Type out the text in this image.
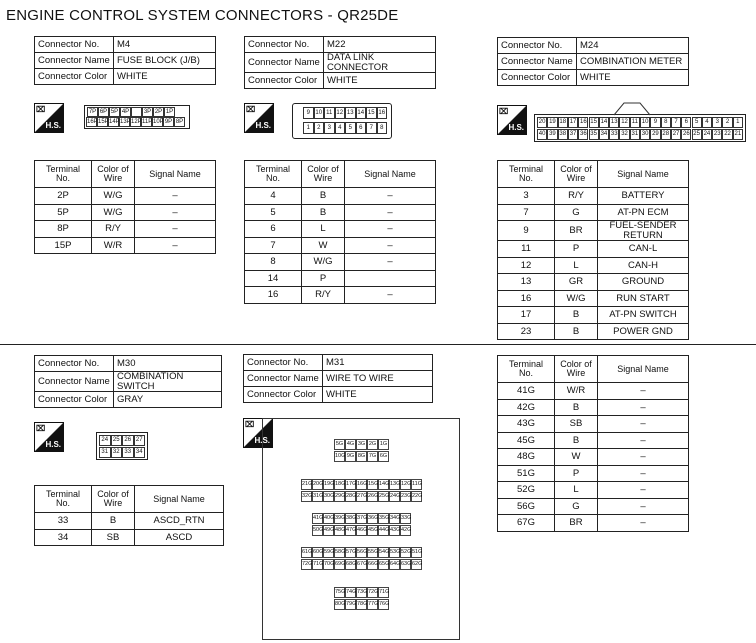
ENGINE CONTROL SYSTEM CONNECTORS - QR25DE
Connector No.	M4
Connector Name	FUSE BLOCK (J/B)
Connector Color	WHITE
⌧
H.S.
7P 6P 5P 4P	3P 2P 1P
16P 15P 14P 13P 12P 11P 10P 9P 8P
Terminal No.	Color of Wire	Signal Name
2P	W/G	–
5P	W/G	–
8P	R/Y	–
15P	W/R	–
Connector No.	M22
Connector Name	DATA LINK CONNECTOR
Connector Color	WHITE
⌧
H.S.
9 10 11 12 13 14 15 16
1	2	3	4	5	6	7	8
Terminal No.	Color of Wire	Signal Name
4	B	–
5	B	–
6	L	–
7	W	–
8	W/G	–
14	P	
16	R/Y	–
Connector No.	M24
Connector Name	COMBINATION METER
Connector Color	WHITE
⌧
H.S.
20 19 18 17 16 15 14 13 12 11 10 9	8	7	6	5	4	3	2	1
40 39 38 37 36 35 34 33 32 31 30 29 28 27 26 25 24 23 22 21
Terminal No.	Color of Wire	Signal Name
3	R/Y	BATTERY
7	G	AT-PN ECM
9	BR	FUEL-SENDER RETURN
11	P	CAN-L
12	L	CAN-H
13	GR	GROUND
16	W/G	RUN START
17	B	AT-PN SWITCH
23	B	POWER GND
Connector No.	M30
Connector Name	COMBINATION SWITCH
Connector Color	GRAY
⌧
H.S.	24 25 26 27
31 32 33 34
Terminal No.	Color of Wire	Signal Name
33	B	ASCD_RTN
34	SB	ASCD
Connector No.	M31
Connector Name	WIRE TO WIRE
Connector Color	WHITE
⌧
H.S.	5G 4G 3G 2G 1G
10G 9G 8G 7G 6G
21G 20G 19G 18G 17G 16G 15G 14G 13G 12G 11G
32G 31G 30G 29G 28G 27G 26G 25G 24G 23G 22G
41G 40G 39G 38G 37G 36G 35G 34G 33G
50G 49G 48G 47G 46G 45G 44G 43G 42G
61G 60G 59G 58G 57G 56G 55G 54G 53G 52G 51G
72G 71G 70G 69G 68G 67G 66G 65G 64G 63G 62G
75G 74G 73G 72G 71G
80G 79G 78G 77G 76G
Terminal No.	Color of Wire	Signal Name
41G	W/R	–
42G	B	–
43G	SB	–
45G	B	–
48G	W	–
51G	P	–
52G	L	–
56G	G	–
67G	BR	–
